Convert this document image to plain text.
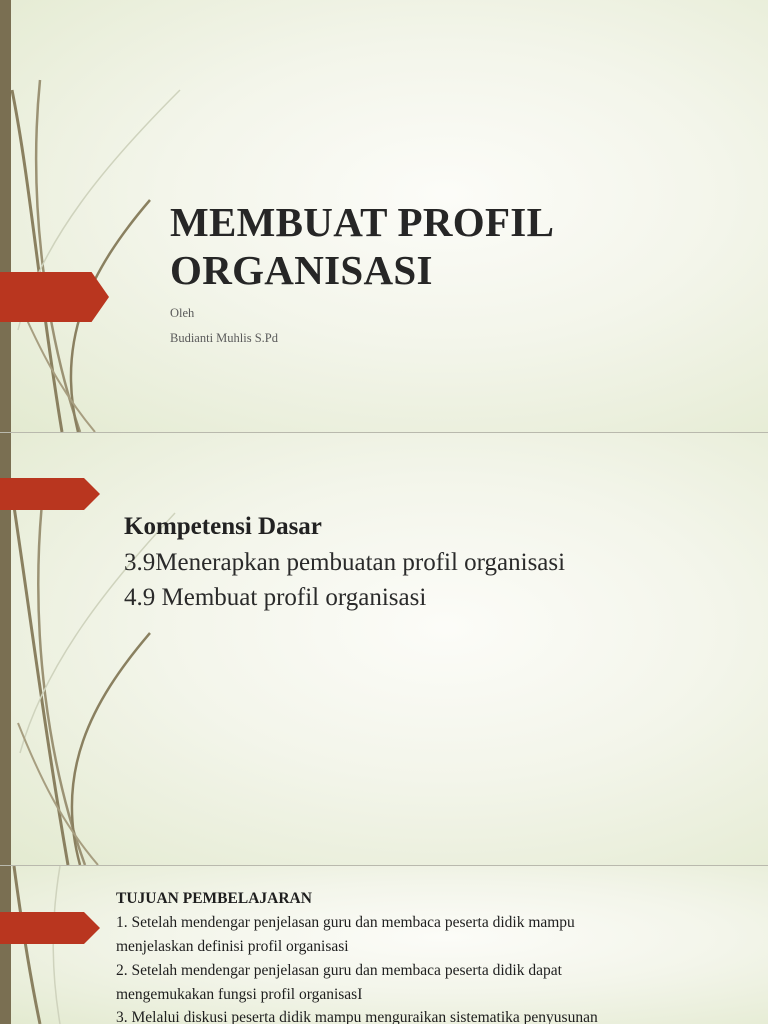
MEMBUAT PROFIL
ORGANISASI

Oleh

Budianti Muhlis S.Pd

Kompetensi Dasar

3.9Menerapkan pembuatan profil organisasi

4.9 Membuat profil organisasi

TUJUAN PEMBELAJARAN

1. Setelah mendengar penjelasan guru dan membaca peserta didik mampu

menjelaskan definisi profil organisasi

2. Setelah mendengar penjelasan guru dan membaca peserta didik dapat

mengemukakan fungsi profil organisasI

3. Melalui diskusi peserta didik mampu menguraikan sistematika penyusunan
